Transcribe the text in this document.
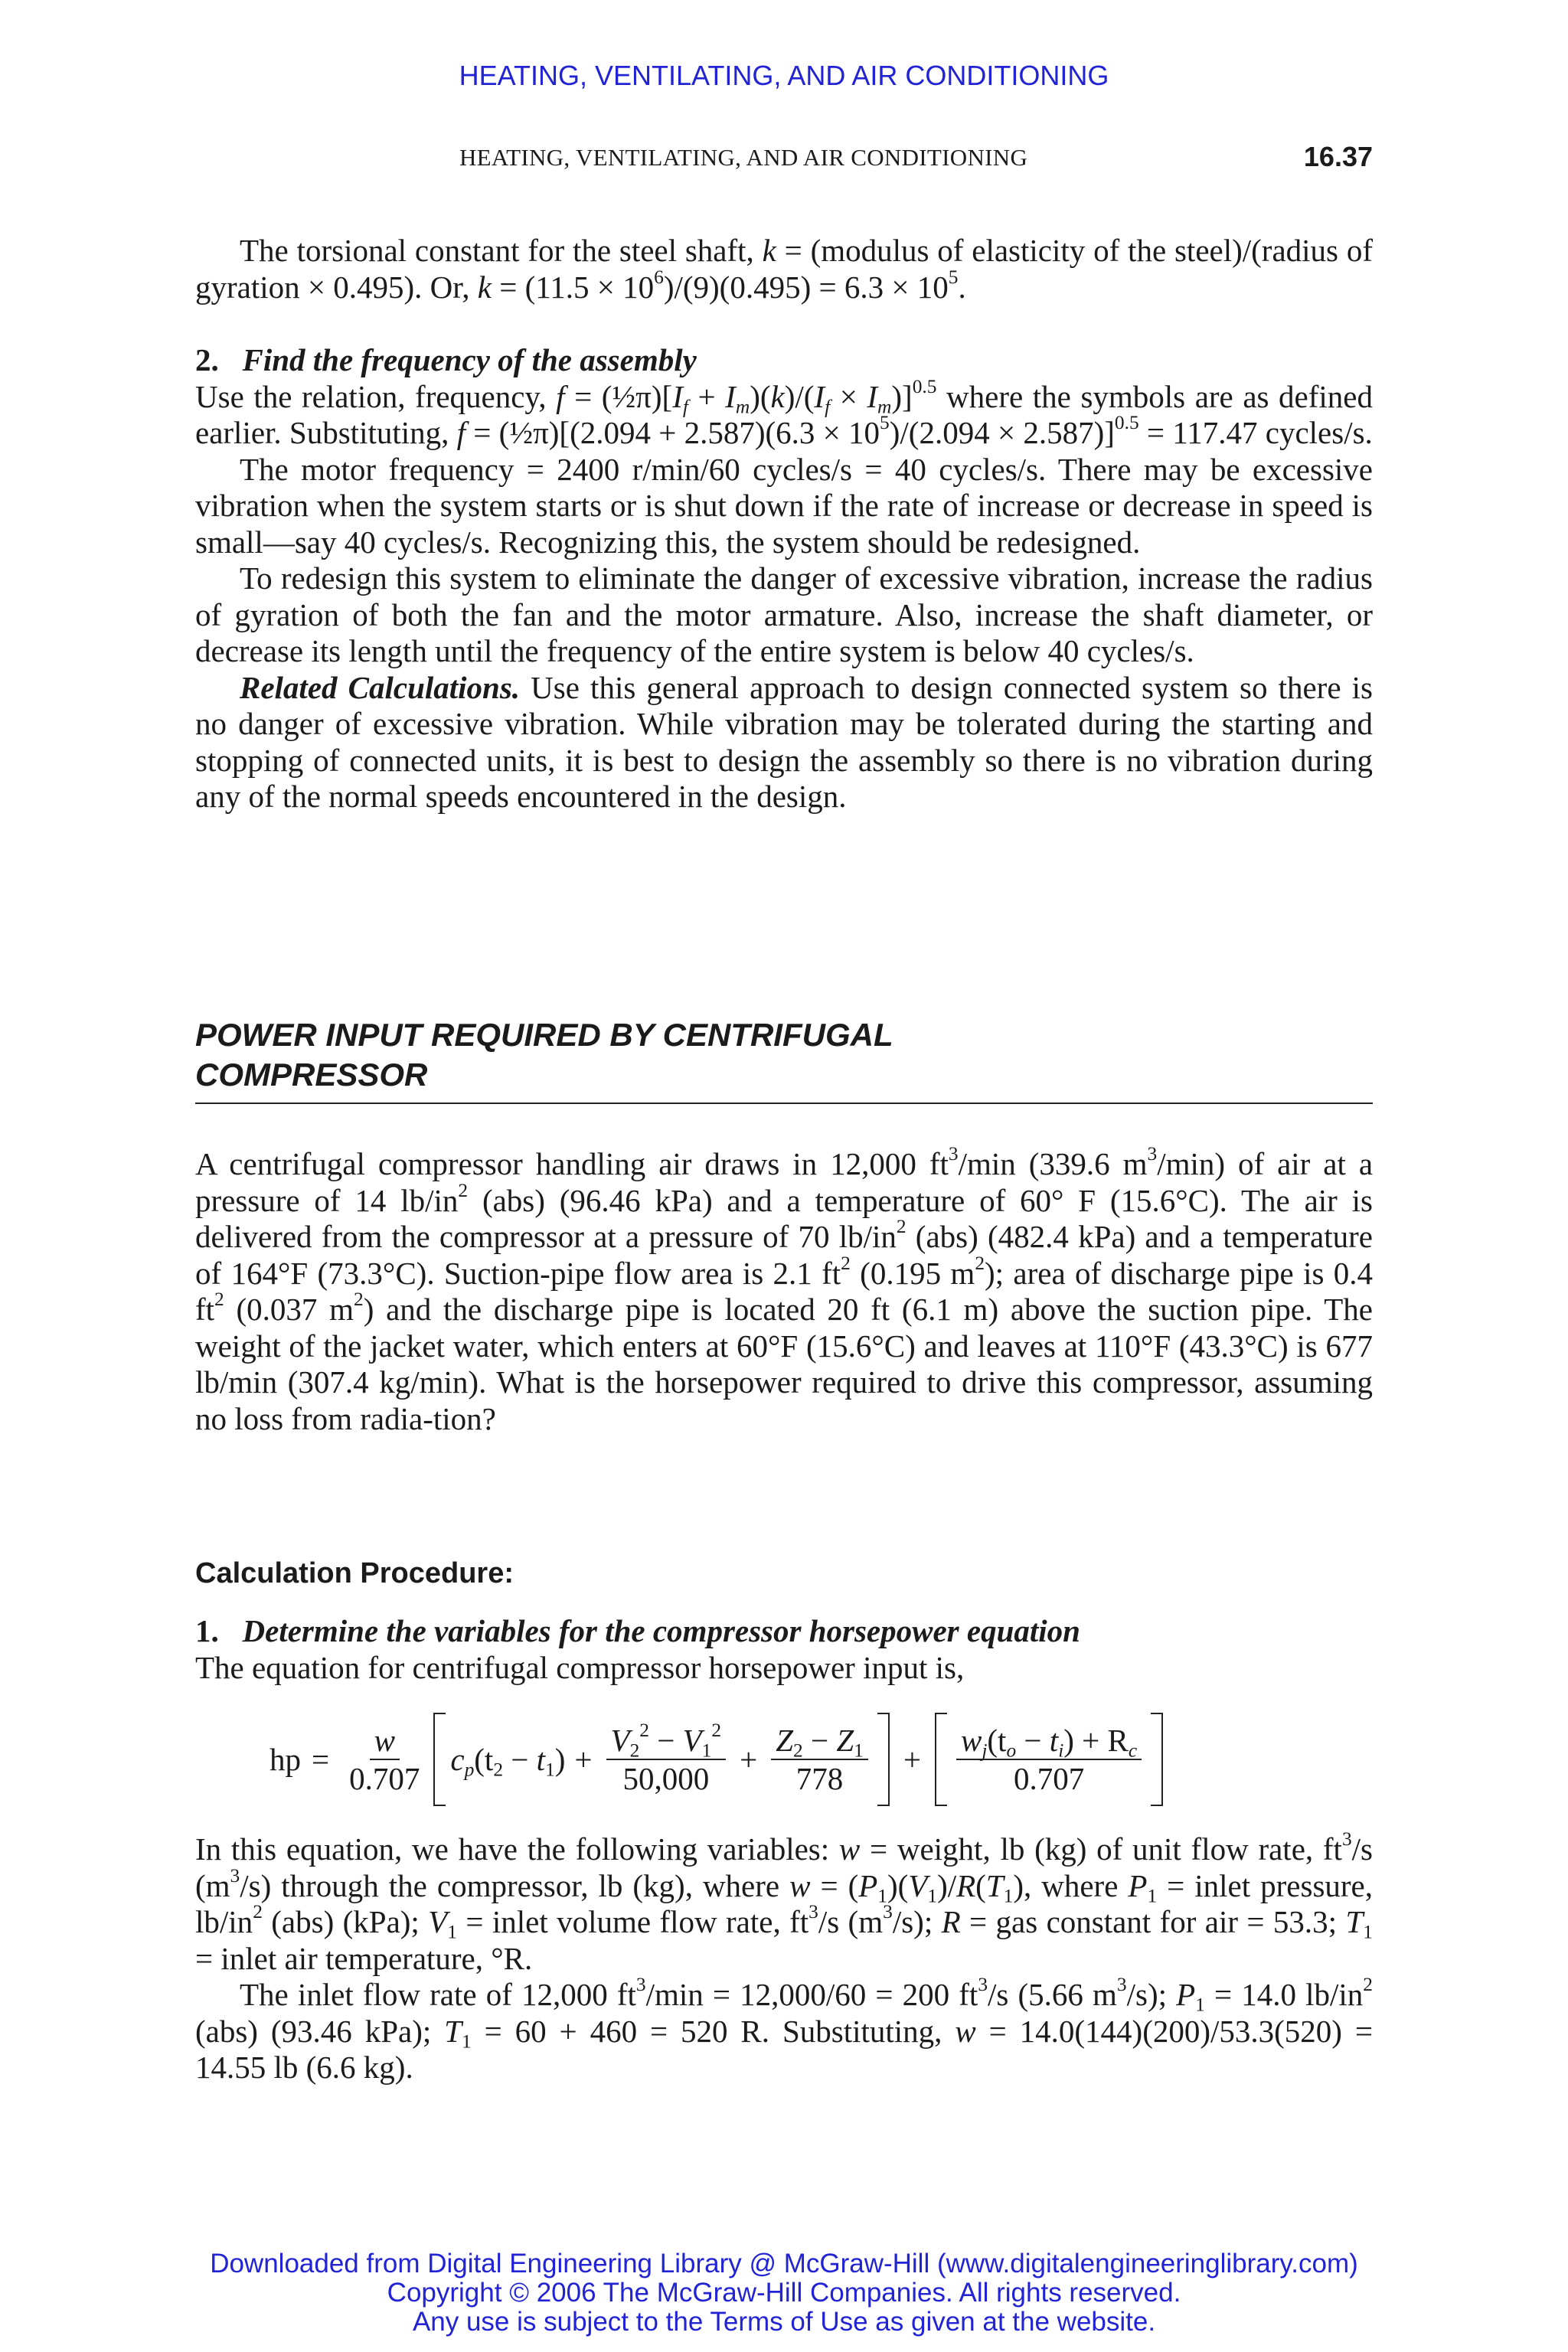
HEATING, VENTILATING, AND AIR CONDITIONING
HEATING, VENTILATING, AND AIR CONDITIONING	16.37

The torsional constant for the steel shaft, k = (modulus of elasticity of the steel)/(radius of gyration × 0.495). Or, $k = (11.5 \times 10^6)/(9)(0.495) = 6.3 \times 10^5$.

2. Find the frequency of the assembly

Use the relation, frequency, $f = (\frac{1}{2}\pi)[I_f + I_m)(k)/(I_f \times I_m)]^{0.5}$ where the symbols are as defined earlier. Substituting, f = (½π)[(2.094 + $2.587)(6.3 \times 10^5)/(2.094 \times 2.587)]^{0.5} = 117.47$ cycles/s.

The motor frequency = 2400 r/min/60 cycles/s = 40 cycles/s. There may be excessive vibration when the system starts or is shut down if the rate of increase or decrease in speed is small—say 40 cycles/s. Recognizing this, the system should be redesigned.

To redesign this system to eliminate the danger of excessive vibration, increase the radius of gyration of both the fan and the motor armature. Also, increase the shaft diameter, or decrease its length until the frequency of the entire system is below 40 cycles/s.

Related Calculations. Use this general approach to design connected system so there is no danger of excessive vibration. While vibration may be tolerated during the starting and stopping of connected units, it is best to design the assembly so there is no vibration during any of the normal speeds encountered in the design.

POWER INPUT REQUIRED BY CENTRIFUGAL
COMPRESSOR

A centrifugal compressor handling air draws in 12,000 $ft^3/\min$ (339.6 $m^3/\min$) of air at a pressure of 14 $lb/in^2$ (abs) (96.46 kPa) and a temperature of 60° F (15.6°C). The air is delivered from the compressor at a pressure of 70 $lb/in^2$ (abs) (482.4 kPa) and a temperature of 164°F (73.3°C). Suction-pipe flow area is 2.1 $ft^2$ (0.195 $m^2$); area of discharge pipe is 0.4 $ft^2$ (0.037 $m^2$) and the discharge pipe is located 20 ft (6.1 m) above the suction pipe. The weight of the jacket water, which enters at 60°F (15.6°C) and leaves at 110°F (43.3°C) is 677 lb/min (307.4 kg/min). What is the horsepower required to drive this compressor, assuming no loss from radia-tion?

Calculation Procedure:

1. Determine the variables for the compressor horsepower equation

The equation for centrifugal compressor horsepower input is,

hp = $\frac{w}{0.707} c_p(t_2 - t_1) + \frac{V_2^2 - V_1^2}{50,000} + \frac{Z_2 - Z_1}{778} + \frac{w_j(t_o - t_i) + R_c}{0.707}$

In this equation, we have the following variables: w = weight, lb (kg) of unit flow rate, $ft^3/s$ $(m^3/s)$ through the compressor, lb (kg), where $w = (P_1)(V_1)/R(T_1)$, where $P_1$ = inlet pressure, $lb/in^2$ (abs) (kPa); $V_1$ = inlet volume flow rate, $ft^3/s$ $(m^3/s)$; R = gas constant for air = 53.3; $T_1$ = inlet air temperature, °R.

The inlet flow rate of 12,000 $ft^3/\min = 12,000/60 = 200$ $ft^3/s$ (5.66 $m^3/s$); $P_1 = 14.0$ $lb/in^2$ (abs) (93.46 kPa); $T_1 = 60 + 460 = 520$ R. Substituting, w = 14.0(144)(200)/53.3(520) = 14.55 lb (6.6 kg).

Downloaded from Digital Engineering Library @ McGraw-Hill (www.digitalengineeringlibrary.com)
Copyright © 2006 The McGraw-Hill Companies. All rights reserved.
Any use is subject to the Terms of Use as given at the website.
